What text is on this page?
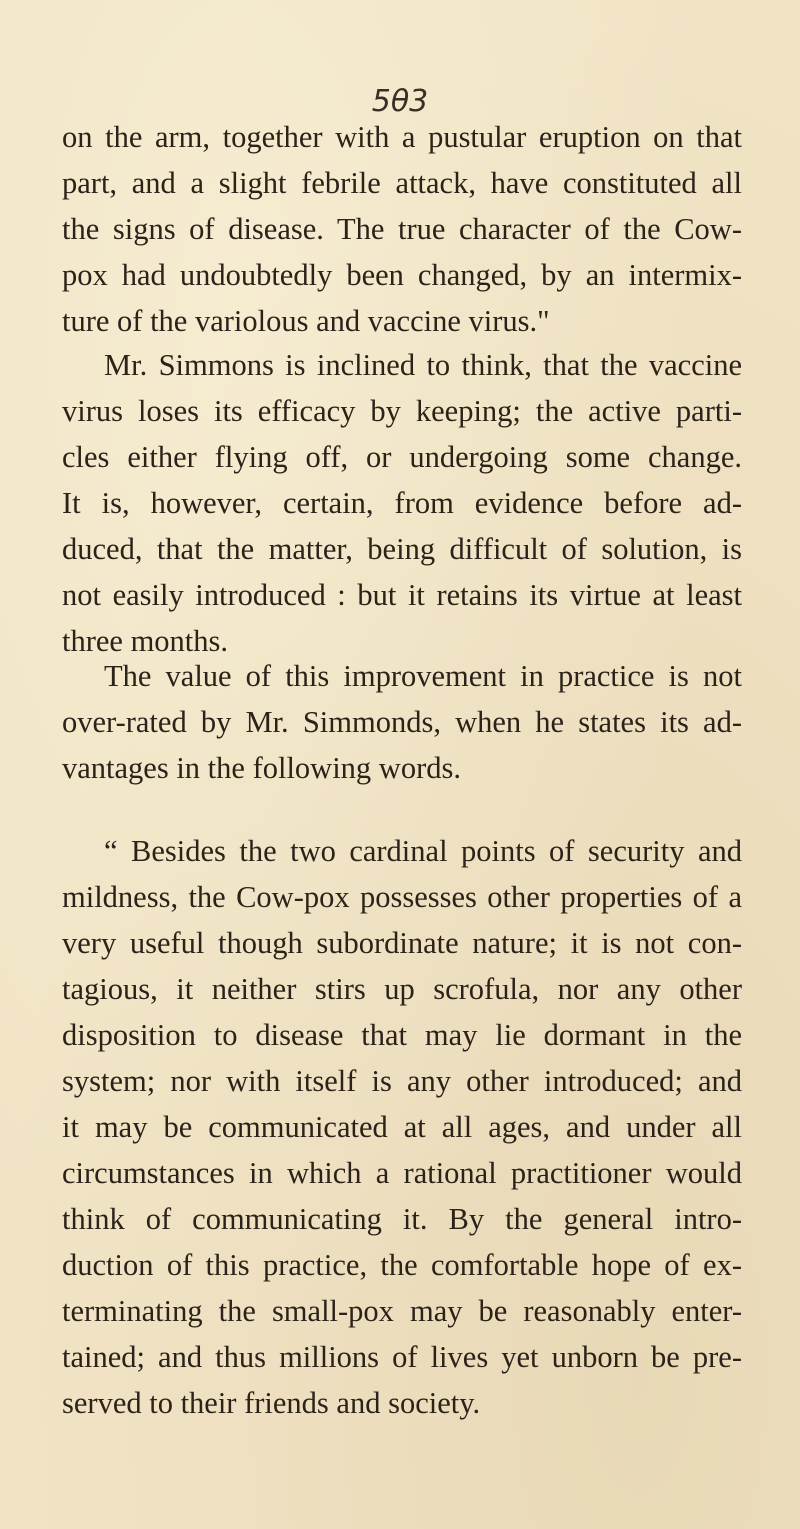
5θ3
on the arm, together with a pustular eruption on that
part, and a slight febrile attack, have constituted all
the signs of disease. The true character of the Cow-
pox had undoubtedly been changed, by an intermix-
ture of the variolous and vaccine virus."
Mr. Simmons is inclined to think, that the vaccine
virus loses its efficacy by keeping; the active parti-
cles either flying off, or undergoing some change.
It is, however, certain, from evidence before ad-
duced, that the matter, being difficult of solution, is
not easily introduced : but it retains its virtue at least
three months.
The value of this improvement in practice is not
over-rated by Mr. Simmonds, when he states its ad-
vantages in the following words.
“ Besides the two cardinal points of security and
mildness, the Cow-pox possesses other properties of a
very useful though subordinate nature; it is not con-
tagious, it neither stirs up scrofula, nor any other
disposition to disease that may lie dormant in the
system; nor with itself is any other introduced; and
it may be communicated at all ages, and under all
circumstances in which a rational practitioner would
think of communicating it. By the general intro-
duction of this practice, the comfortable hope of ex-
terminating the small-pox may be reasonably enter-
tained; and thus millions of lives yet unborn be pre-
served to their friends and society.
